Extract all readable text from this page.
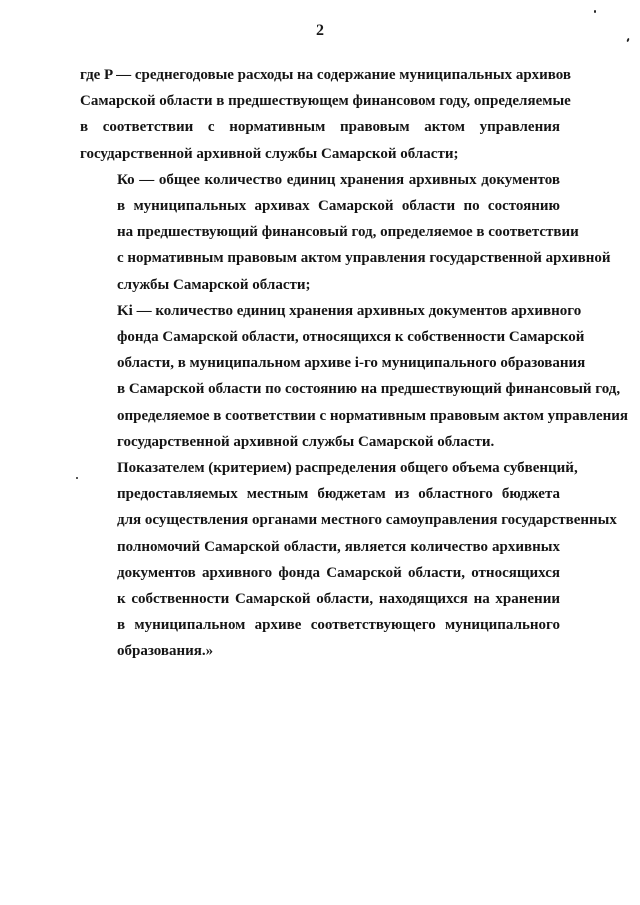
2

где P — среднегодовые расходы на содержание муниципальных архивов
Самарской области в предшествующем финансовом году, определяемые
в соответствии с нормативным правовым актом управления
государственной архивной службы Самарской области;

Ко — общее количество единиц хранения архивных документов
в муниципальных архивах Самарской области по состоянию
на предшествующий финансовый год, определяемое в соответствии
с нормативным правовым актом управления государственной архивной
службы Самарской области;

Ki — количество единиц хранения архивных документов архивного
фонда Самарской области, относящихся к собственности Самарской
области, в муниципальном архиве i-го муниципального образования
в Самарской области по состоянию на предшествующий финансовый год,
определяемое в соответствии с нормативным правовым актом управления
государственной архивной службы Самарской области.

Показателем (критерием) распределения общего объема субвенций,
предоставляемых местным бюджетам из областного бюджета
для осуществления органами местного самоуправления государственных
полномочий Самарской области, является количество архивных
документов архивного фонда Самарской области, относящихся
к собственности Самарской области, находящихся на хранении
в муниципальном архиве соответствующего муниципального
образования.»
